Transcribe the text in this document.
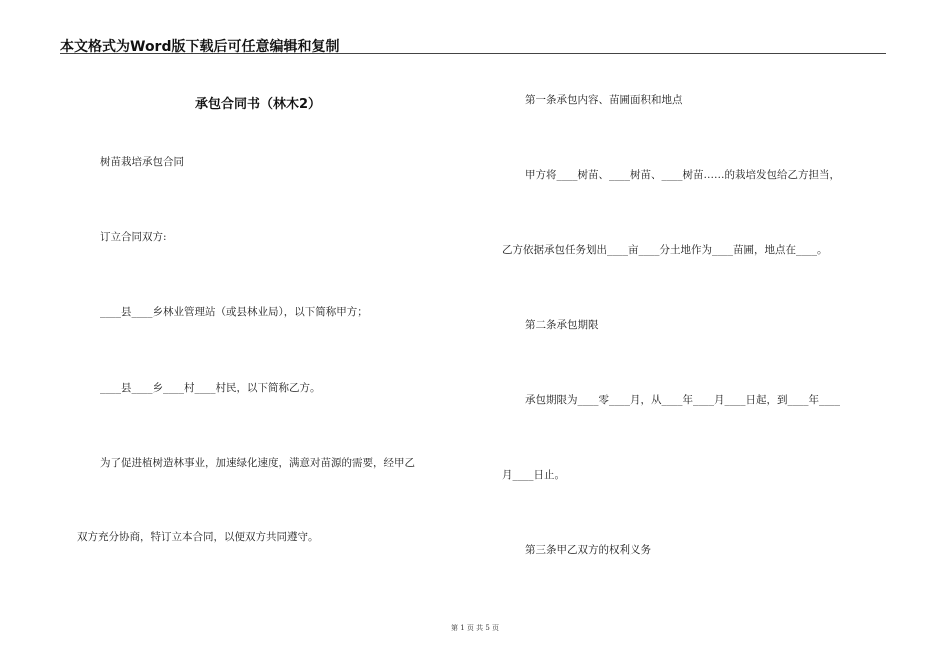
本文格式为Word版下载后可任意编辑和复制
承包合同书（林木2）
树苗栽培承包合同
订立合同双方:
____县____乡林业管理站（或县林业局），以下简称甲方；
____县____乡____村____村民，以下简称乙方。
为了促进植树造林事业，加速绿化速度，满意对苗源的需要，经甲乙
双方充分协商，特订立本合同，以便双方共同遵守。
第一条承包内容、苗圃面积和地点
甲方将____树苗、____树苗、____树苗……的栽培发包给乙方担当，
乙方依据承包任务划出____亩____分土地作为____苗圃，地点在____。
第二条承包期限
承包期限为____零____月，从____年____月____日起，到____年____
月____日止。
第三条甲乙双方的权利义务
第 1 页 共 5 页
